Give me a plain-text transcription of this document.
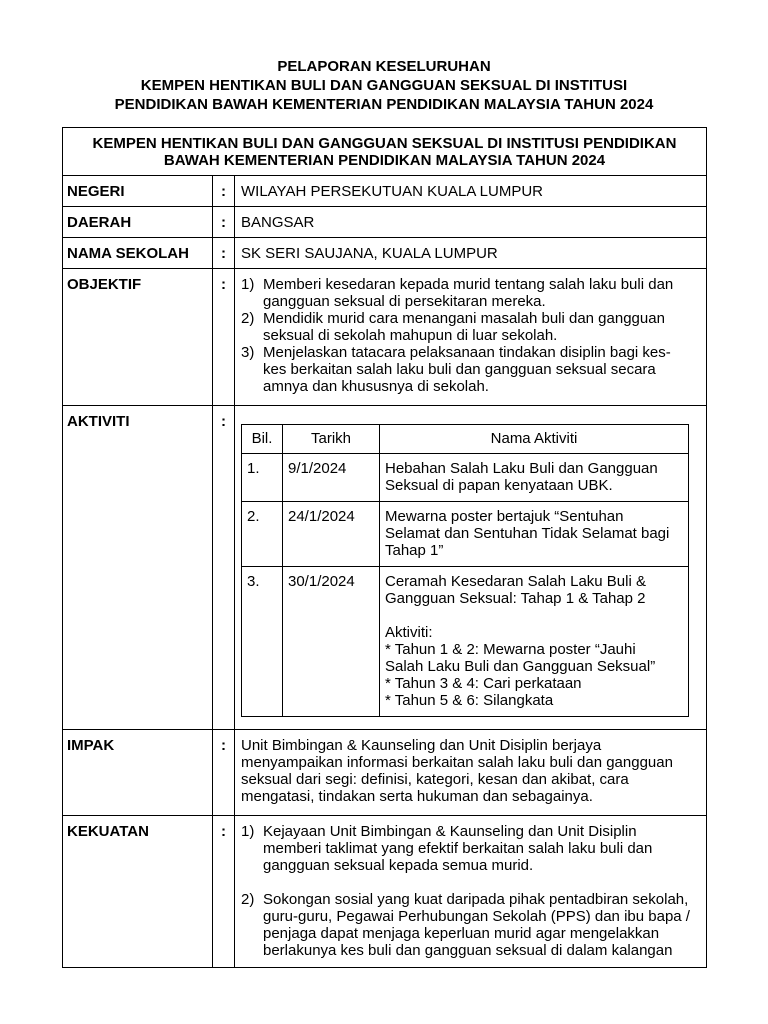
PELAPORAN KESELURUHAN
KEMPEN HENTIKAN BULI DAN GANGGUAN SEKSUAL DI INSTITUSI
PENDIDIKAN BAWAH KEMENTERIAN PENDIDIKAN MALAYSIA TAHUN 2024
KEMPEN HENTIKAN BULI DAN GANGGUAN SEKSUAL DI INSTITUSI PENDIDIKAN
BAWAH KEMENTERIAN PENDIDIKAN MALAYSIA TAHUN 2024

NEGERI	:	WILAYAH PERSEKUTUAN KUALA LUMPUR
DAERAH	:	BANGSAR
NAMA SEKOLAH	:	SK SERI SAUJANA, KUALA LUMPUR
OBJEKTIF	:	1) Memberi kesedaran kepada murid tentang salah laku buli dan
gangguan seksual di persekitaran mereka.
2) Mendidik murid cara menangani masalah buli dan gangguan
seksual di sekolah mahupun di luar sekolah.
3) Menjelaskan tatacara pelaksanaan tindakan disiplin bagi kes-
kes berkaitan salah laku buli dan gangguan seksual secara
amnya dan khususnya di sekolah.

AKTIVITI	:	
Bil.	Tarikh	Nama Aktiviti
1.	9/1/2024	Hebahan Salah Laku Buli dan Gangguan
Seksual di papan kenyataan UBK.

2.	24/1/2024	Mewarna poster bertajuk “Sentuhan
Selamat dan Sentuhan Tidak Selamat bagi
Tahap 1”

3.	30/1/2024	Ceramah Kesedaran Salah Laku Buli &
Gangguan Seksual: Tahap 1 & Tahap 2
Aktiviti:
* Tahun 1 & 2: Mewarna poster “Jauhi
Salah Laku Buli dan Gangguan Seksual”
* Tahun 3 & 4: Cari perkataan
* Tahun 5 & 6: Silangkata

IMPAK	:	Unit Bimbingan & Kaunseling dan Unit Disiplin berjaya
menyampaikan informasi berkaitan salah laku buli dan gangguan
seksual dari segi: definisi, kategori, kesan dan akibat, cara
mengatasi, tindakan serta hukuman dan sebagainya.

KEKUATAN	:	1) Kejayaan Unit Bimbingan & Kaunseling dan Unit Disiplin
memberi taklimat yang efektif berkaitan salah laku buli dan
gangguan seksual kepada semua murid.
2) Sokongan sosial yang kuat daripada pihak pentadbiran sekolah,
guru-guru, Pegawai Perhubungan Sekolah (PPS) dan ibu bapa /
penjaga dapat menjaga keperluan murid agar mengelakkan
berlakunya kes buli dan gangguan seksual di dalam kalangan
